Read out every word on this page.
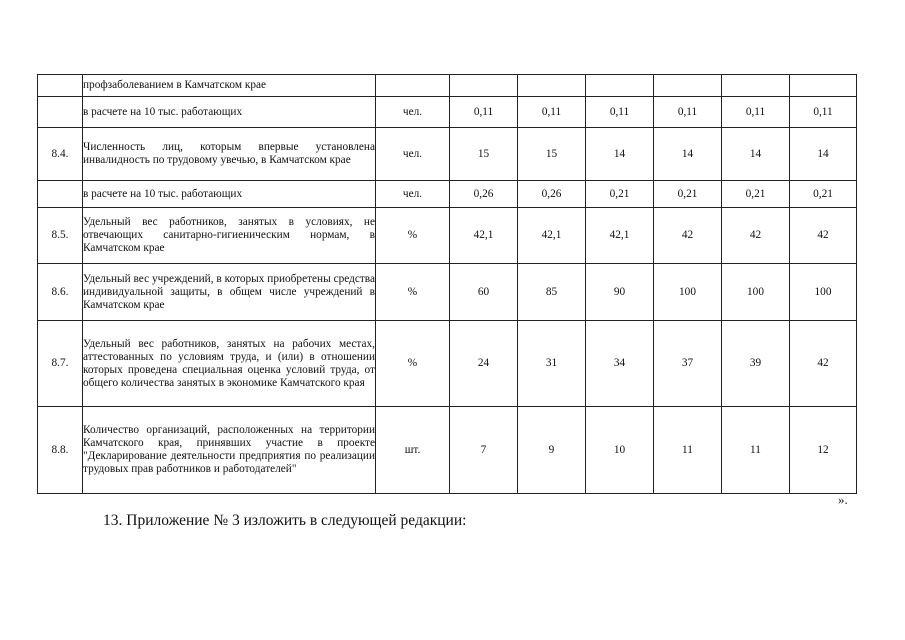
	профзаболеванием в Камчатском крае							
	в расчете на 10 тыс. работающих	чел.	0,11	0,11	0,11	0,11	0,11	0,11
8.4.	Численность лиц, которым впервые установлена инвалидность по трудовому увечью, в Камчатском крае	чел.	15	15	14	14	14	14
	в расчете на 10 тыс. работающих	чел.	0,26	0,26	0,21	0,21	0,21	0,21
8.5.	Удельный вес работников, занятых в условиях, не отвечающих санитарно-гигиеническим нормам, в Камчатском крае	%	42,1	42,1	42,1	42	42	42
8.6.	Удельный вес учреждений, в которых приобретены средства индивидуальной защиты, в общем числе учреждений в Камчатском крае	%	60	85	90	100	100	100
8.7.	Удельный вес работников, занятых на рабочих местах, аттестованных по условиям труда, и (или) в отношении которых проведена специальная оценка условий труда, от общего количества занятых в экономике Камчатского края	%	24	31	34	37	39	42
8.8.	Количество организаций, расположенных на территории Камчатского края, принявших участие в проекте "Декларирование деятельности предприятия по реализации трудовых прав работников и работодателей"	шт.	7	9	10	11	11	12
».
13. Приложение № 3 изложить в следующей редакции:
